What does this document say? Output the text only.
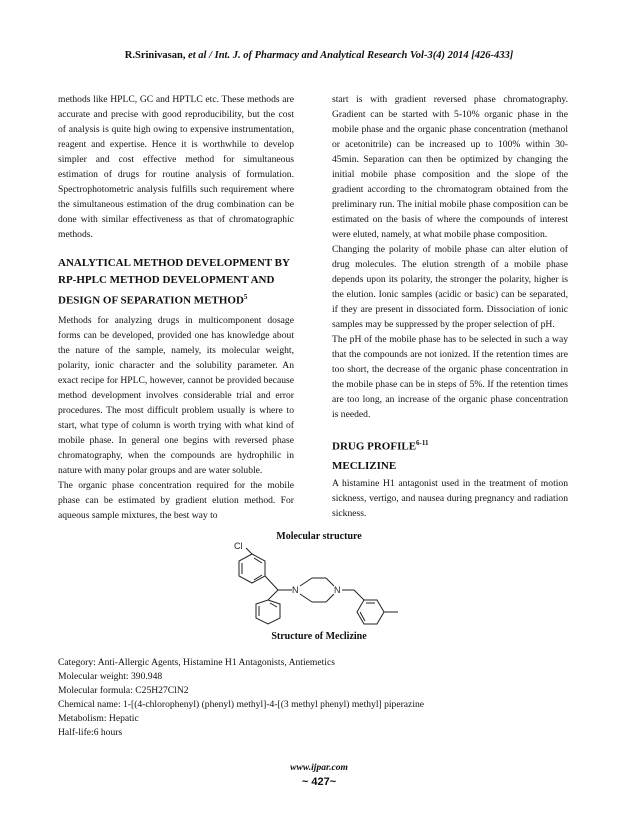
R.Srinivasan, et al / Int. J. of Pharmacy and Analytical Research Vol-3(4) 2014 [426-433]

methods like HPLC, GC and HPTLC etc. These methods are accurate and precise with good reproducibility, but the cost of analysis is quite high owing to expensive instrumentation, reagent and expertise. Hence it is worthwhile to develop simpler and cost effective method for simultaneous estimation of drugs for routine analysis of formulation. Spectrophotometric analysis fulfills such requirement where the simultaneous estimation of the drug combination can be done with similar effectiveness as that of chromatographic methods.

ANALYTICAL METHOD DEVELOPMENT BY RP-HPLC METHOD DEVELOPMENT AND DESIGN OF SEPARATION METHOD$^5$

Methods for analyzing drugs in multicomponent dosage forms can be developed, provided one has knowledge about the nature of the sample, namely, its molecular weight, polarity, ionic character and the solubility parameter. An exact recipe for HPLC, however, cannot be provided because method development involves considerable trial and error procedures. The most difficult problem usually is where to start, what type of column is worth trying with what kind of mobile phase. In general one begins with reversed phase chromatography, when the compounds are hydrophilic in nature with many polar groups and are water soluble.

The organic phase concentration required for the mobile phase can be estimated by gradient elution method. For aqueous sample mixtures, the best way to

start is with gradient reversed phase chromatography. Gradient can be started with 5-10% organic phase in the mobile phase and the organic phase concentration (methanol or acetonitrile) can be increased up to 100% within 30-45min. Separation can then be optimized by changing the initial mobile phase composition and the slope of the gradient according to the chromatogram obtained from the preliminary run. The initial mobile phase composition can be estimated on the basis of where the compounds of interest were eluted, namely, at what mobile phase composition.

Changing the polarity of mobile phase can alter elution of drug molecules. The elution strength of a mobile phase depends upon its polarity, the stronger the polarity, higher is the elution. Ionic samples (acidic or basic) can be separated, if they are present in dissociated form. Dissociation of ionic samples may be suppressed by the proper selection of pH.

The pH of the mobile phase has to be selected in such a way that the compounds are not ionized. If the retention times are too short, the decrease of the organic phase concentration in the mobile phase can be in steps of 5%. If the retention times are too long, an increase of the organic phase concentration is needed.

DRUG PROFILE$^{6-11}$
MECLIZINE

A histamine H1 antagonist used in the treatment of motion sickness, vertigo, and nausea during pregnancy and radiation sickness.

Molecular structure
Cl
N	N
Structure of Meclizine
Category: Anti-Allergic Agents, Histamine H1 Antagonists, Antiemetics
Molecular weight: 390.948
Molecular formula: C25H27ClN2
Chemical name: 1-[(4-chlorophenyl) (phenyl) methyl]-4-[(3 methyl phenyl) methyl] piperazine
Metabolism: Hepatic
Half-life:6 hours
www.ijpar.com
~ 427~
